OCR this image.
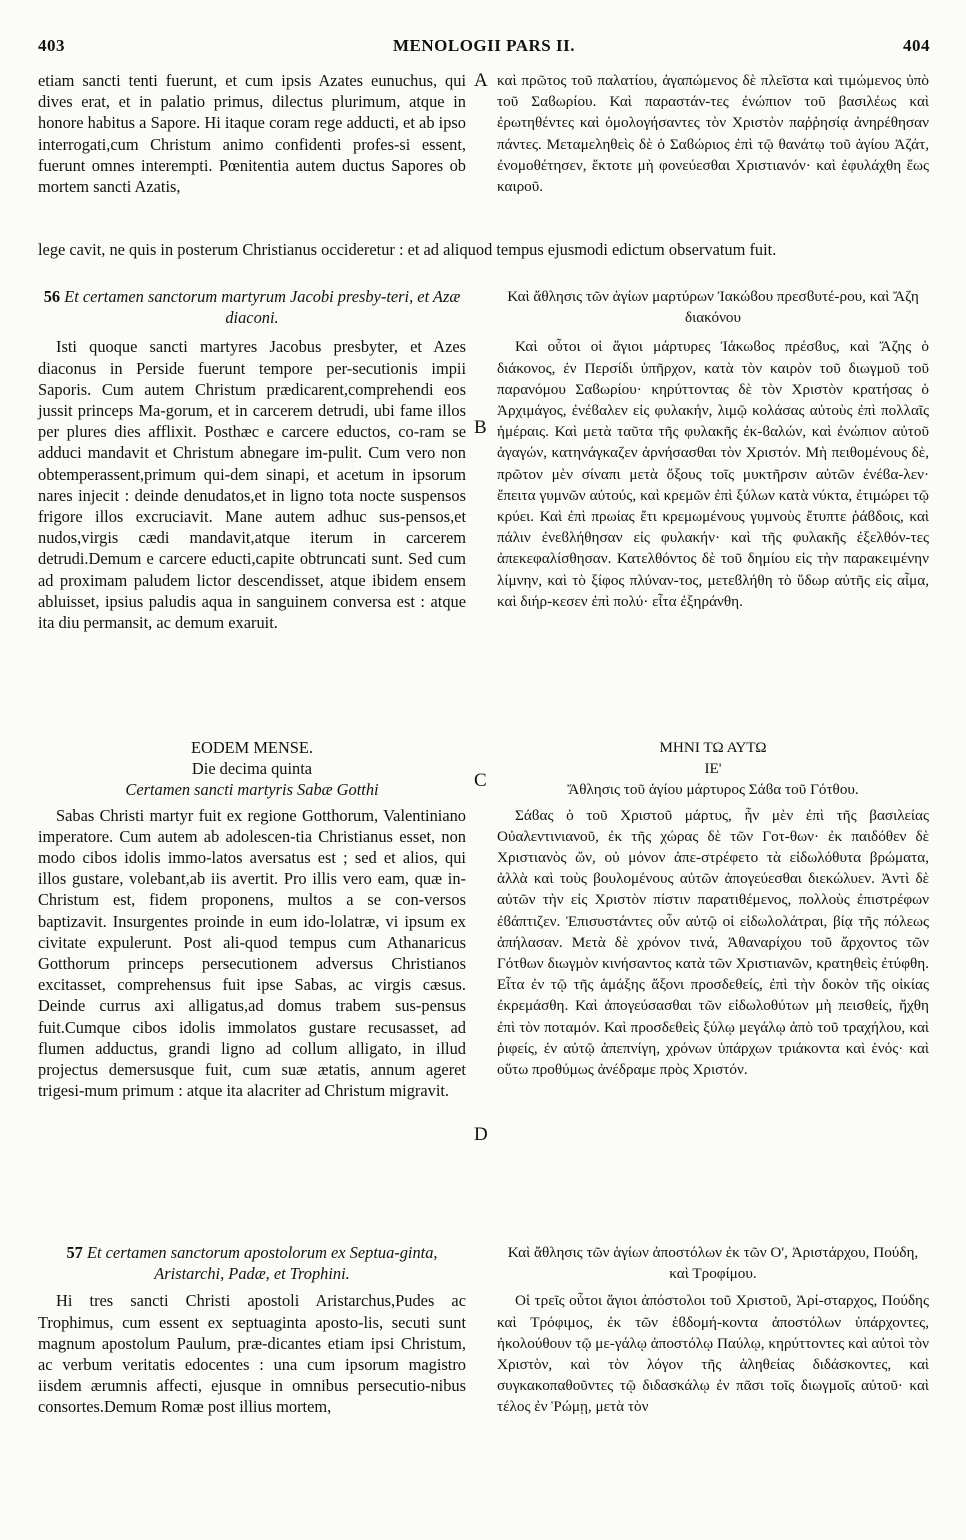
403	MENOLOGII PARS II.	404
A
B
C
D

etiam sancti tenti fuerunt, et cum ipsis Azates eunuchus, qui dives erat, et in palatio primus, dilectus plurimum, atque in honore habitus a Sapore. Hi itaque coram rege adducti, et ab ipso interrogati,cum Christum animo confidenti profes-si essent, fuerunt omnes interempti. Pœnitentia autem ductus Sapores ob mortem sancti Azatis,

καὶ πρῶτος τοῦ παλατίου, ἀγαπώμενος δὲ πλεῖστα καὶ τιμώμενος ὑπὸ τοῦ Σαϐωρίου. Καὶ παραστάν-τες ἐνώπιον τοῦ βασιλέως καὶ ἐρωτηθέντες καὶ ὁμολογήσαντες τὸν Χριστὸν παῤῥησίᾳ ἀνηρέθησαν πάντες. Μεταμεληθεὶς δὲ ὁ Σαϐώριος ἐπὶ τῷ θανάτῳ τοῦ ἁγίου Ἀζάτ, ἐνομοθέτησεν, ἔκτοτε μὴ φονεύεσθαι Χριστιανόν· καὶ ἐφυλάχθη ἕως καιροῦ.

lege cavit, ne quis in posterum Christianus occideretur : et ad aliquod tempus ejusmodi edictum observatum fuit.

56 Et certamen sanctorum martyrum Jacobi presby-teri, et Azæ diaconi.

Isti quoque sancti martyres Jacobus presbyter, et Azes diaconus in Perside fuerunt tempore per-secutionis impii Saporis. Cum autem Christum prædicarent,comprehendi eos jussit princeps Ma-gorum, et in carcerem detrudi, ubi fame illos per plures dies afflixit. Posthæc e carcere eductos, co-ram se adduci mandavit et Christum abnegare im-pulit. Cum vero non obtemperassent,primum qui-dem sinapi, et acetum in ipsorum nares injecit : deinde denudatos,et in ligno tota nocte suspensos frigore illos excruciavit. Mane autem adhuc sus-pensos,et nudos,virgis cædi mandavit,atque iterum in carcerem detrudi.Demum e carcere educti,capite obtruncati sunt. Sed cum ad proximam paludem lictor descendisset, atque ibidem ensem abluisset, ipsius paludis aqua in sanguinem conversa est : atque ita diu permansit, ac demum exaruit.

Καὶ ἄθλησις τῶν ἁγίων μαρτύρων Ἰακώϐου πρεσϐυτέ-ρου, καὶ Ἄζη διακόνου

Καὶ οὗτοι οἱ ἅγιοι μάρτυρες Ἰάκωϐος πρέσϐυς, καὶ Ἄζης ὁ διάκονος, ἐν Περσίδι ὑπῆρχον, κατὰ τὸν καιρὸν τοῦ διωγμοῦ τοῦ παρανόμου Σαϐωρίου· κηρύττοντας δὲ τὸν Χριστὸν κρατήσας ὁ Ἀρχιμάγος, ἐνέϐαλεν εἰς φυλακήν, λιμῷ κολάσας αὐτοὺς ἐπὶ πολλαῖς ἡμέραις. Καὶ μετὰ ταῦτα τῆς φυλακῆς ἐκ-ϐαλών, καὶ ἐνώπιον αὐτοῦ ἀγαγών, κατηνάγκαζεν ἀρνήσασθαι τὸν Χριστόν. Μὴ πειθομένους δὲ, πρῶτον μὲν σίναπι μετὰ ὄξους τοῖς μυκτῆρσιν αὐτῶν ἐνέϐα-λεν· ἔπειτα γυμνῶν αὐτούς, καὶ κρεμῶν ἐπὶ ξύλων κατὰ νύκτα, ἐτιμώρει τῷ κρύει. Καὶ ἐπὶ πρωίας ἔτι κρεμωμένους γυμνοὺς ἔτυπτε ῥάϐδοις, καὶ πάλιν ἐνεϐλήθησαν εἰς φυλακήν· καὶ τῆς φυλακῆς ἐξελθόν-τες ἀπεκεφαλίσθησαν. Κατελθόντος δὲ τοῦ δημίου εἰς τὴν παρακειμένην λίμνην, καὶ τὸ ξίφος πλύναν-τος, μετεϐλήθη τὸ ὕδωρ αὐτῆς εἰς αἷμα, καὶ διήρ-κεσεν ἐπὶ πολύ· εἶτα ἐξηράνθη.

EODEM MENSE.

Die decima quinta

Certamen sancti martyris Sabæ Gotthi

Sabas Christi martyr fuit ex regione Gotthorum, Valentiniano imperatore. Cum autem ab adolescen-tia Christianus esset, non modo cibos idolis immo-latos aversatus est ; sed et alios, qui illos gustare, volebant,ab iis avertit. Pro illis vero eam, quæ in-Christum est, fidem proponens, multos a se con-versos baptizavit. Insurgentes proinde in eum ido-lolatræ, vi ipsum ex civitate expulerunt. Post ali-quod tempus cum Athanaricus Gotthorum princeps persecutionem adversus Christianos excitasset, comprehensus fuit ipse Sabas, ac virgis cæsus. Deinde currus axi alligatus,ad domus trabem sus-pensus fuit.Cumque cibos idolis immolatos gustare recusasset, ad flumen adductus, grandi ligno ad collum alligato, in illud projectus demersusque fuit, cum suæ ætatis, annum ageret trigesi-mum primum : atque ita alacriter ad Christum migravit.

ΜΗΝΙ ΤΩ ΑΥΤΩ

ΙΕ'

Ἄθλησις τοῦ ἁγίου μάρτυρος Σάϐα τοῦ Γότθου.

Σάϐας ὁ τοῦ Χριστοῦ μάρτυς, ἦν μὲν ἐπὶ τῆς βασιλείας Οὐαλεντινιανοῦ, ἐκ τῆς χώρας δὲ τῶν Γοτ-θων· ἐκ παιδόθεν δὲ Χριστιανὸς ὤν, οὐ μόνον ἀπε-στρέφετο τὰ εἰδωλόθυτα βρώματα, ἀλλὰ καὶ τοὺς βουλομένους αὐτῶν ἀπογεύεσθαι διεκώλυεν. Ἀντὶ δὲ αὐτῶν τὴν εἰς Χριστὸν πίστιν παρατιθέμενος, πολλοὺς ἐπιστρέφων ἐϐάπτιζεν. Ἐπισυστάντες οὖν αὐτῷ οἱ εἰδωλολάτραι, βίᾳ τῆς πόλεως ἀπήλασαν. Μετὰ δὲ χρόνον τινά, Ἀθαναρίχου τοῦ ἄρχοντος τῶν Γότθων διωγμὸν κινήσαντος κατὰ τῶν Χριστιανῶν, κρατηθεὶς ἐτύφθη. Εἶτα ἐν τῷ τῆς ἁμάξης ἄξονι προσδεθείς, ἐπὶ τὴν δοκὸν τῆς οἰκίας ἐκρεμάσθη. Καὶ ἀπογεύσασθαι τῶν εἰδωλοθύτων μὴ πεισθείς, ἤχθη ἐπὶ τὸν ποταμόν. Καὶ προσδεθεὶς ξύλῳ μεγάλῳ ἀπὸ τοῦ τραχήλου, καὶ ῥιφείς, ἐν αὐτῷ ἀπεπνίγη, χρόνων ὑπάρχων τριάκοντα καὶ ἑνός· καὶ οὕτω προθύμως ἀνέδραμε πρὸς Χριστόν.

57 Et certamen sanctorum apostolorum ex Septua-ginta, Aristarchi, Padæ, et Trophini.

Hi tres sancti Christi apostoli Aristarchus,Pudes ac Trophimus, cum essent ex septuaginta aposto-lis, secuti sunt magnum apostolum Paulum, præ-dicantes etiam ipsi Christum, ac verbum veritatis edocentes : una cum ipsorum magistro iisdem ærumnis affecti, ejusque in omnibus persecutio-nibus consortes.Demum Romæ post illius mortem,

Καὶ ἄθλησις τῶν ἁγίων ἀποστόλων ἐκ τῶν Ο', Ἀριστάρχου, Πούδη, καὶ Τροφίμου.

Οἱ τρεῖς οὗτοι ἅγιοι ἀπόστολοι τοῦ Χριστοῦ, Ἀρί-σταρχος, Πούδης καὶ Τρόφιμος, ἐκ τῶν ἑϐδομή-κοντα ἀποστόλων ὑπάρχοντες, ἠκολούθουν τῷ με-γάλῳ ἀποστόλῳ Παύλῳ, κηρύττοντες καὶ αὐτοὶ τὸν Χριστὸν, καὶ τὸν λόγον τῆς ἀληθείας διδάσκοντες, καὶ συγκακοπαθοῦντες τῷ διδασκάλῳ ἐν πᾶσι τοῖς διωγμοῖς αὐτοῦ· καὶ τέλος ἐν Ῥώμῃ, μετὰ τὸν
